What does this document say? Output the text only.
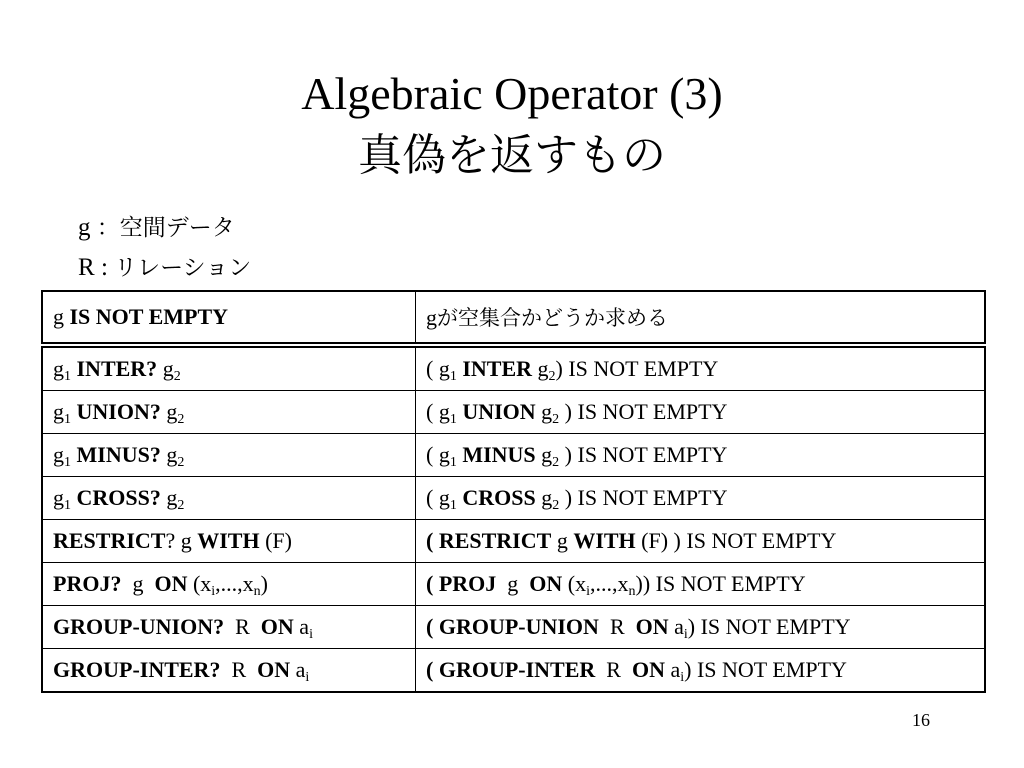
Algebraic Operator (3)
真偽を返すもの
g ：空間データ
R : リレーション
g IS NOT EMPTY	gが空集合かどうか求める
$g_1$ INTER? $g_2$	( $g_1$ INTER $g_2$) IS NOT EMPTY
$g_1$ UNION? $g_2$	( $g_1$ UNION $g_2$ ) IS NOT EMPTY
$g_1$ MINUS? $g_2$	( $g_1$ MINUS $g_2$ ) IS NOT EMPTY
$g_1$ CROSS? $g_2$	( $g_1$ CROSS $g_2$ ) IS NOT EMPTY
RESTRICT? g WITH (F)	( RESTRICT g WITH (F) ) IS NOT EMPTY
PROJ?  g  ON $(x_i,...,x_n)$	( PROJ  g  ON $(x_i,...,x_n)$) IS NOT EMPTY
GROUP-UNION?  R  ON $a_i$	( GROUP-UNION  R  ON $a_i$) IS NOT EMPTY
GROUP-INTER?  R  ON $a_i$	( GROUP-INTER  R  ON $a_i$) IS NOT EMPTY
16
